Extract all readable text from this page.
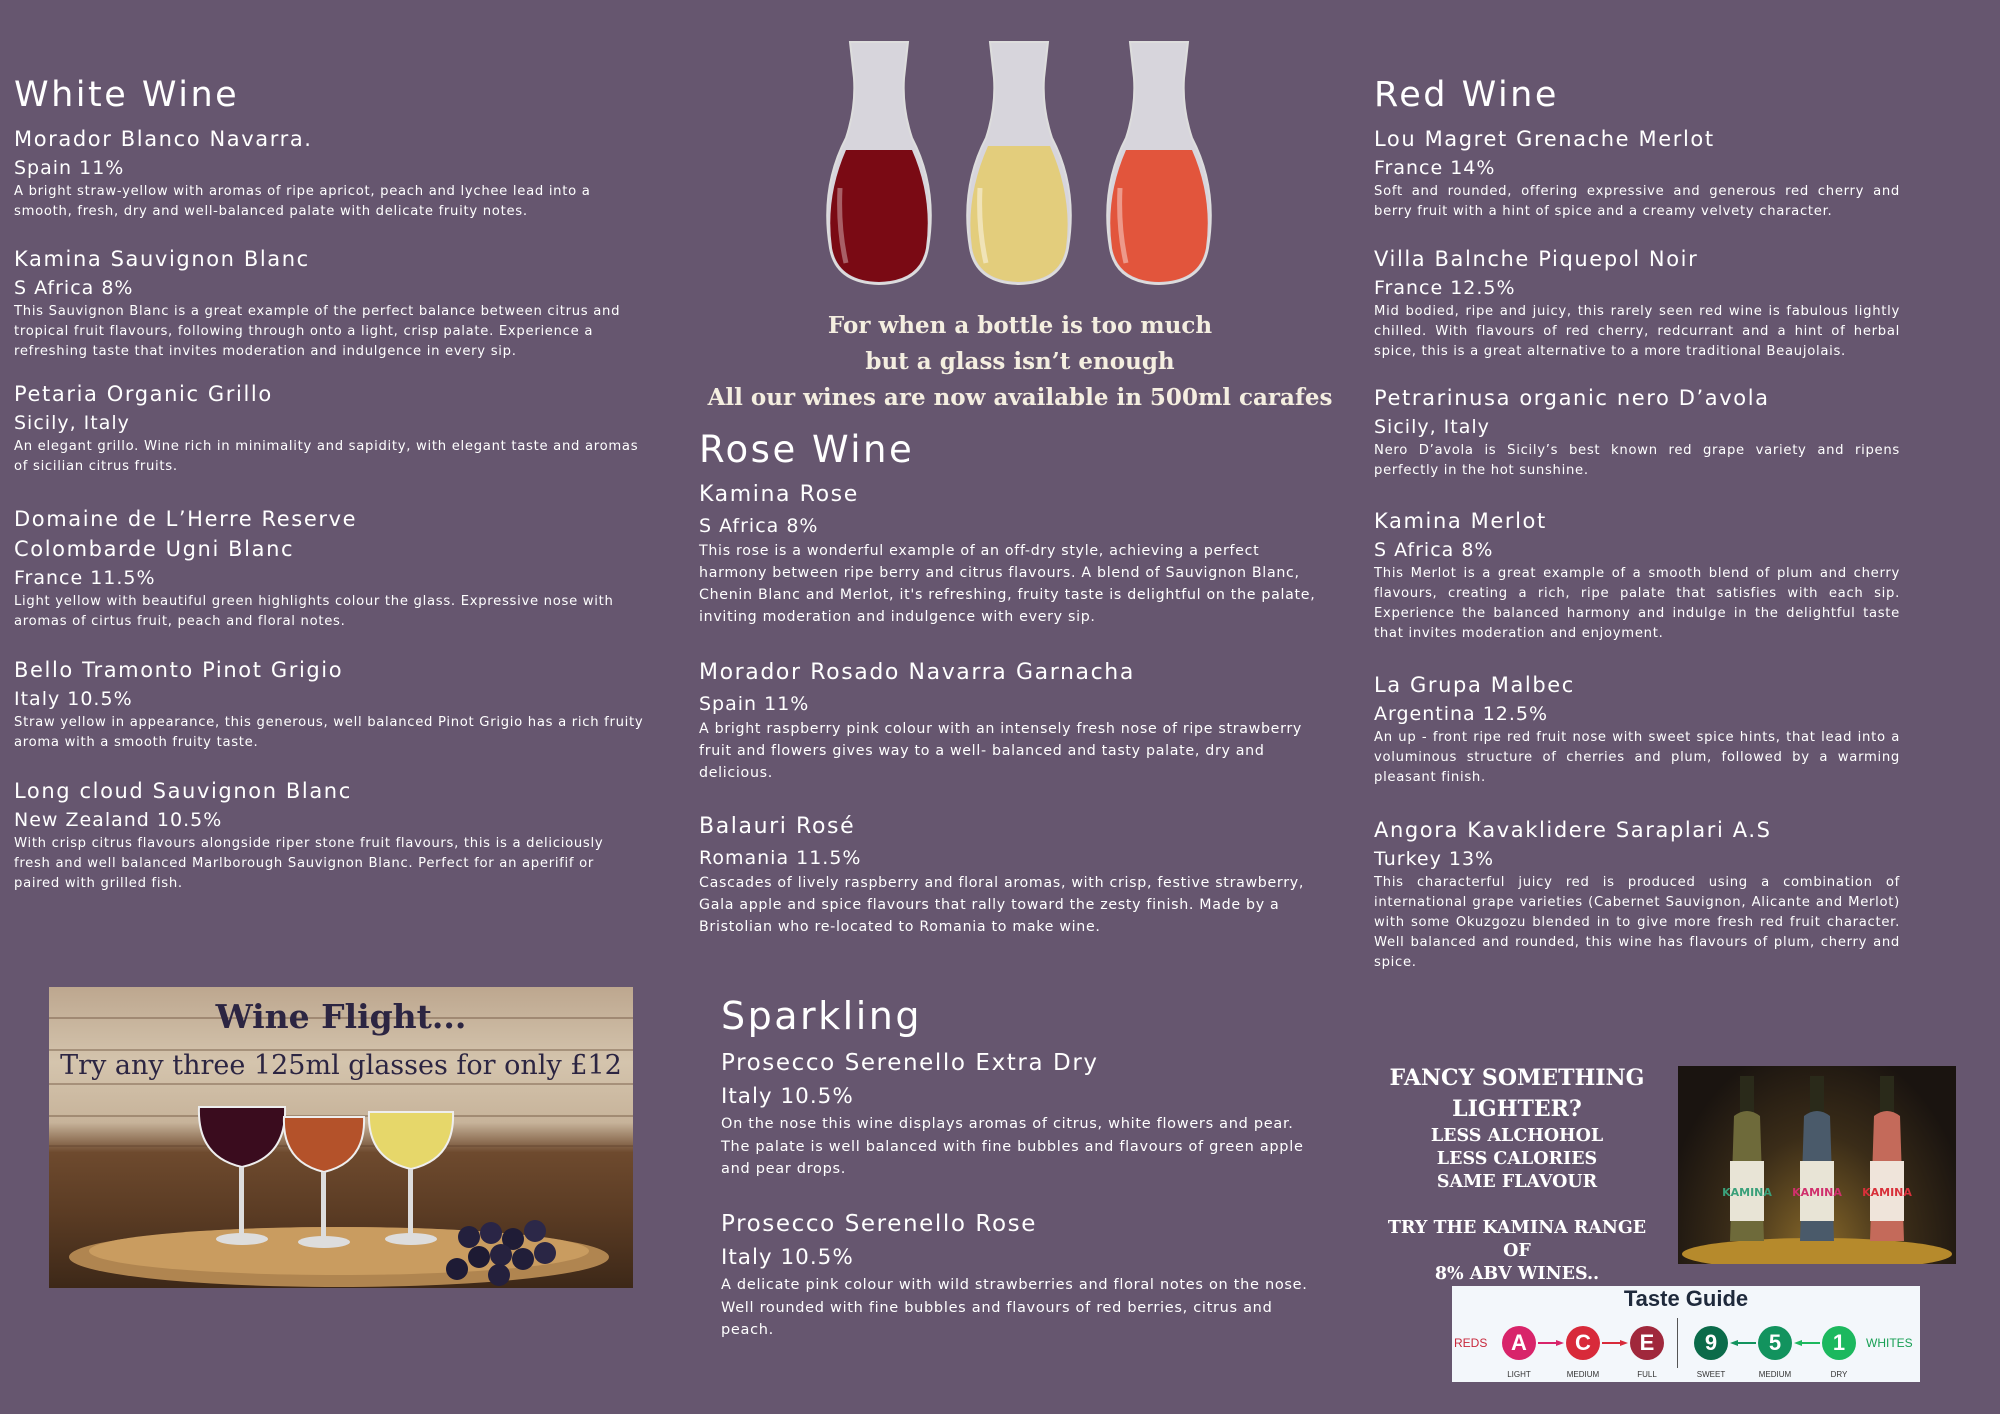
White Wine
Morador Blanco Navarra.
Spain 11%
A bright straw-yellow with aromas of ripe apricot, peach and lychee lead into a smooth, fresh, dry and well-balanced palate with delicate fruity notes.
Kamina Sauvignon Blanc
S Africa 8%
This Sauvignon Blanc is a great example of the perfect balance between citrus and tropical fruit flavours, following through onto a light, crisp palate. Experience a refreshing taste that invites moderation and indulgence in every sip.
Petaria Organic Grillo
Sicily, Italy
An elegant grillo. Wine rich in minimality and sapidity, with elegant taste and aromas of sicilian citrus fruits.
Domaine de L’Herre Reserve
Colombarde Ugni Blanc
France 11.5%
Light yellow with beautiful green highlights colour the glass. Expressive nose with aromas of cirtus fruit, peach and floral notes.
Bello Tramonto Pinot Grigio
Italy 10.5%
Straw yellow in appearance, this generous, well balanced Pinot Grigio has a rich fruity aroma with a smooth fruity taste.
Long cloud Sauvignon Blanc
New Zealand 10.5%
With crisp citrus flavours alongside riper stone fruit flavours, this is a deliciously fresh and well balanced Marlborough Sauvignon Blanc. Perfect for an aperifif or paired with grilled fish.
For when a bottle is too much
but a glass isn’t enough
All our wines are now available in 500ml carafes
Rose Wine
Kamina Rose
S Africa 8%
This rose is a wonderful example of an off-dry style, achieving a perfect harmony between ripe berry and citrus flavours. A blend of Sauvignon Blanc, Chenin Blanc and Merlot, it's refreshing, fruity taste is delightful on the palate, inviting moderation and indulgence with every sip.
Morador Rosado Navarra Garnacha
Spain 11%
A bright raspberry pink colour with an intensely fresh nose of ripe strawberry fruit and flowers gives way to a well- balanced and tasty palate, dry and delicious.
Balauri Rosé
Romania 11.5%
Cascades of lively raspberry and floral aromas, with crisp, festive strawberry, Gala apple and spice flavours that rally toward the zesty finish. Made by a Bristolian who re-located to Romania to make wine.
Red Wine
Lou Magret Grenache Merlot
France 14%
Soft and rounded, offering expressive and generous red cherry and berry fruit with a hint of spice and a creamy velvety character.
Villa Balnche Piquepol Noir
France 12.5%
Mid bodied, ripe and juicy, this rarely seen red wine is fabulous lightly chilled. With flavours of red cherry, redcurrant and a hint of herbal spice, this is a great alternative to a more traditional Beaujolais.
Petrarinusa organic nero D’avola
Sicily, Italy
Nero D’avola is Sicily’s best known red grape variety and ripens perfectly in the hot sunshine.
Kamina Merlot
S Africa 8%
This Merlot is a great example of a smooth blend of plum and cherry flavours, creating a rich, ripe palate that satisfies with each sip. Experience the balanced harmony and indulge in the delightful taste that invites moderation and enjoyment.
La Grupa Malbec
Argentina 12.5%
An up - front ripe red fruit nose with sweet spice hints, that lead into a voluminous structure of cherries and plum, followed by a warming pleasant finish.
Angora Kavaklidere Saraplari A.S
Turkey 13%
This characterful juicy red is produced using a combination of international grape varieties (Cabernet Sauvignon, Alicante and Merlot) with some Okuzgozu blended in to give more fresh red fruit character. Well balanced and rounded, this wine has flavours of plum, cherry and spice.
Wine Flight...
Try any three 125ml glasses for only £12
Sparkling
Prosecco Serenello Extra Dry
Italy 10.5%
On the nose this wine displays aromas of citrus, white flowers and pear. The palate is well balanced with fine bubbles and flavours of green apple and pear drops.
Prosecco Serenello Rose
Italy 10.5%
A delicate pink colour with wild strawberries and floral notes on the nose. Well rounded with fine bubbles and flavours of red berries, citrus and peach.
FANCY SOMETHING
LIGHTER?
LESS ALCHOHOL
LESS CALORIES
SAME FLAVOUR
TRY THE KAMINA RANGE OF
8% ABV WINES..
KAMINA KAMINA KAMINA
Taste Guide
REDS	A	C	E	9	5	1	WHITES
LIGHT	MEDIUM	FULL	SWEET	MEDIUM	DRY
